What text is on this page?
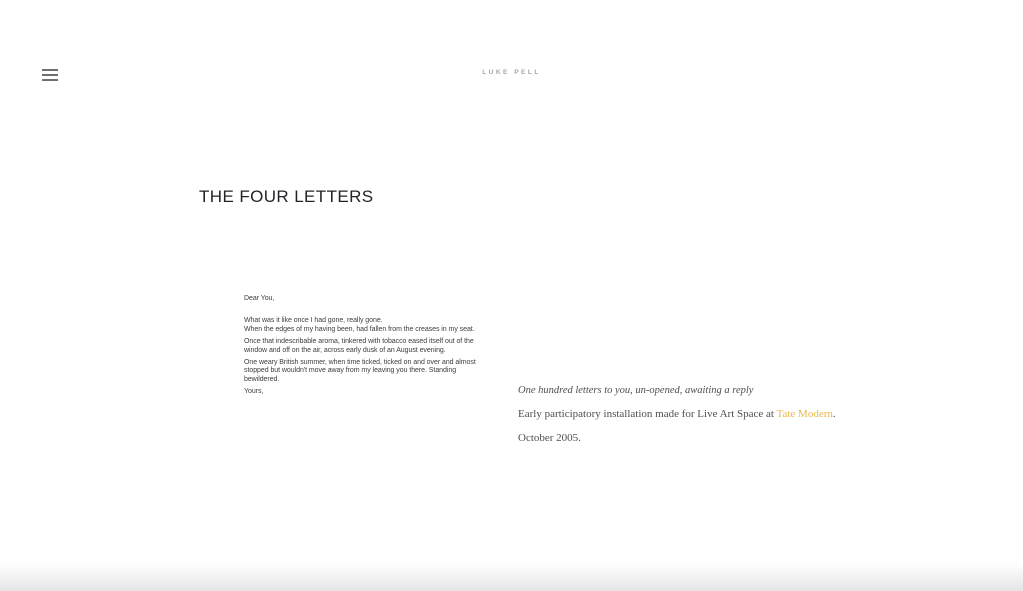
LUKE PELL
THE FOUR LETTERS
Dear You,
What was it like once I had gone, really gone.
When the edges of my having been, had fallen from the creases in my seat.
Once that indescribable aroma, tinkered with tobacco eased itself out of the
window and off on the air, across early dusk of an August evening.
One weary British summer, when time ticked, ticked on and over and almost
stopped but wouldn't move away from my leaving you there. Standing
bewildered.
Yours,	One hundred letters to you, un-opened, awaiting a reply
Early participatory installation made for Live Art Space at Tate Modern.
October 2005.
